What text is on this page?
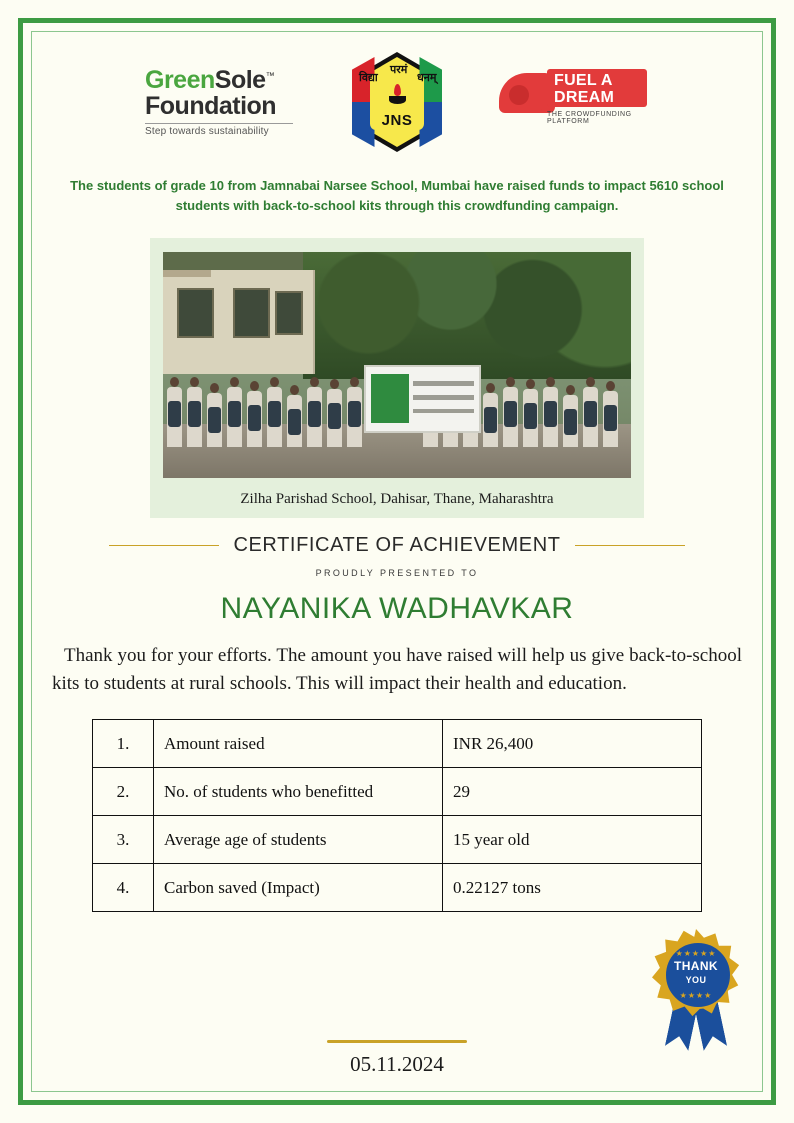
GreenSole™
Foundation
Step towards sustainability
विद्या
परमं
धनम्
JNS
FUEL A
DREAM
THE CROWDFUNDING PLATFORM
The students of grade 10 from Jamnabai Narsee School, Mumbai have raised funds to impact 5610 school students with back-to-school kits through this crowdfunding campaign.
Zilha Parishad School, Dahisar, Thane, Maharashtra
CERTIFICATE OF ACHIEVEMENT
PROUDLY PRESENTED TO
NAYANIKA WADHAVKAR
Thank you for your efforts. The amount you have raised will help us give back-to-school kits to students at rural schools. This will impact their health and education.
1.	Amount raised	INR 26,400
2.	No. of students who benefitted	29
3.	Average age of students	15 year old
4.	Carbon saved (Impact)	0.22127 tons
★★★★★
THANK
YOU
★★★★
05.11.2024
